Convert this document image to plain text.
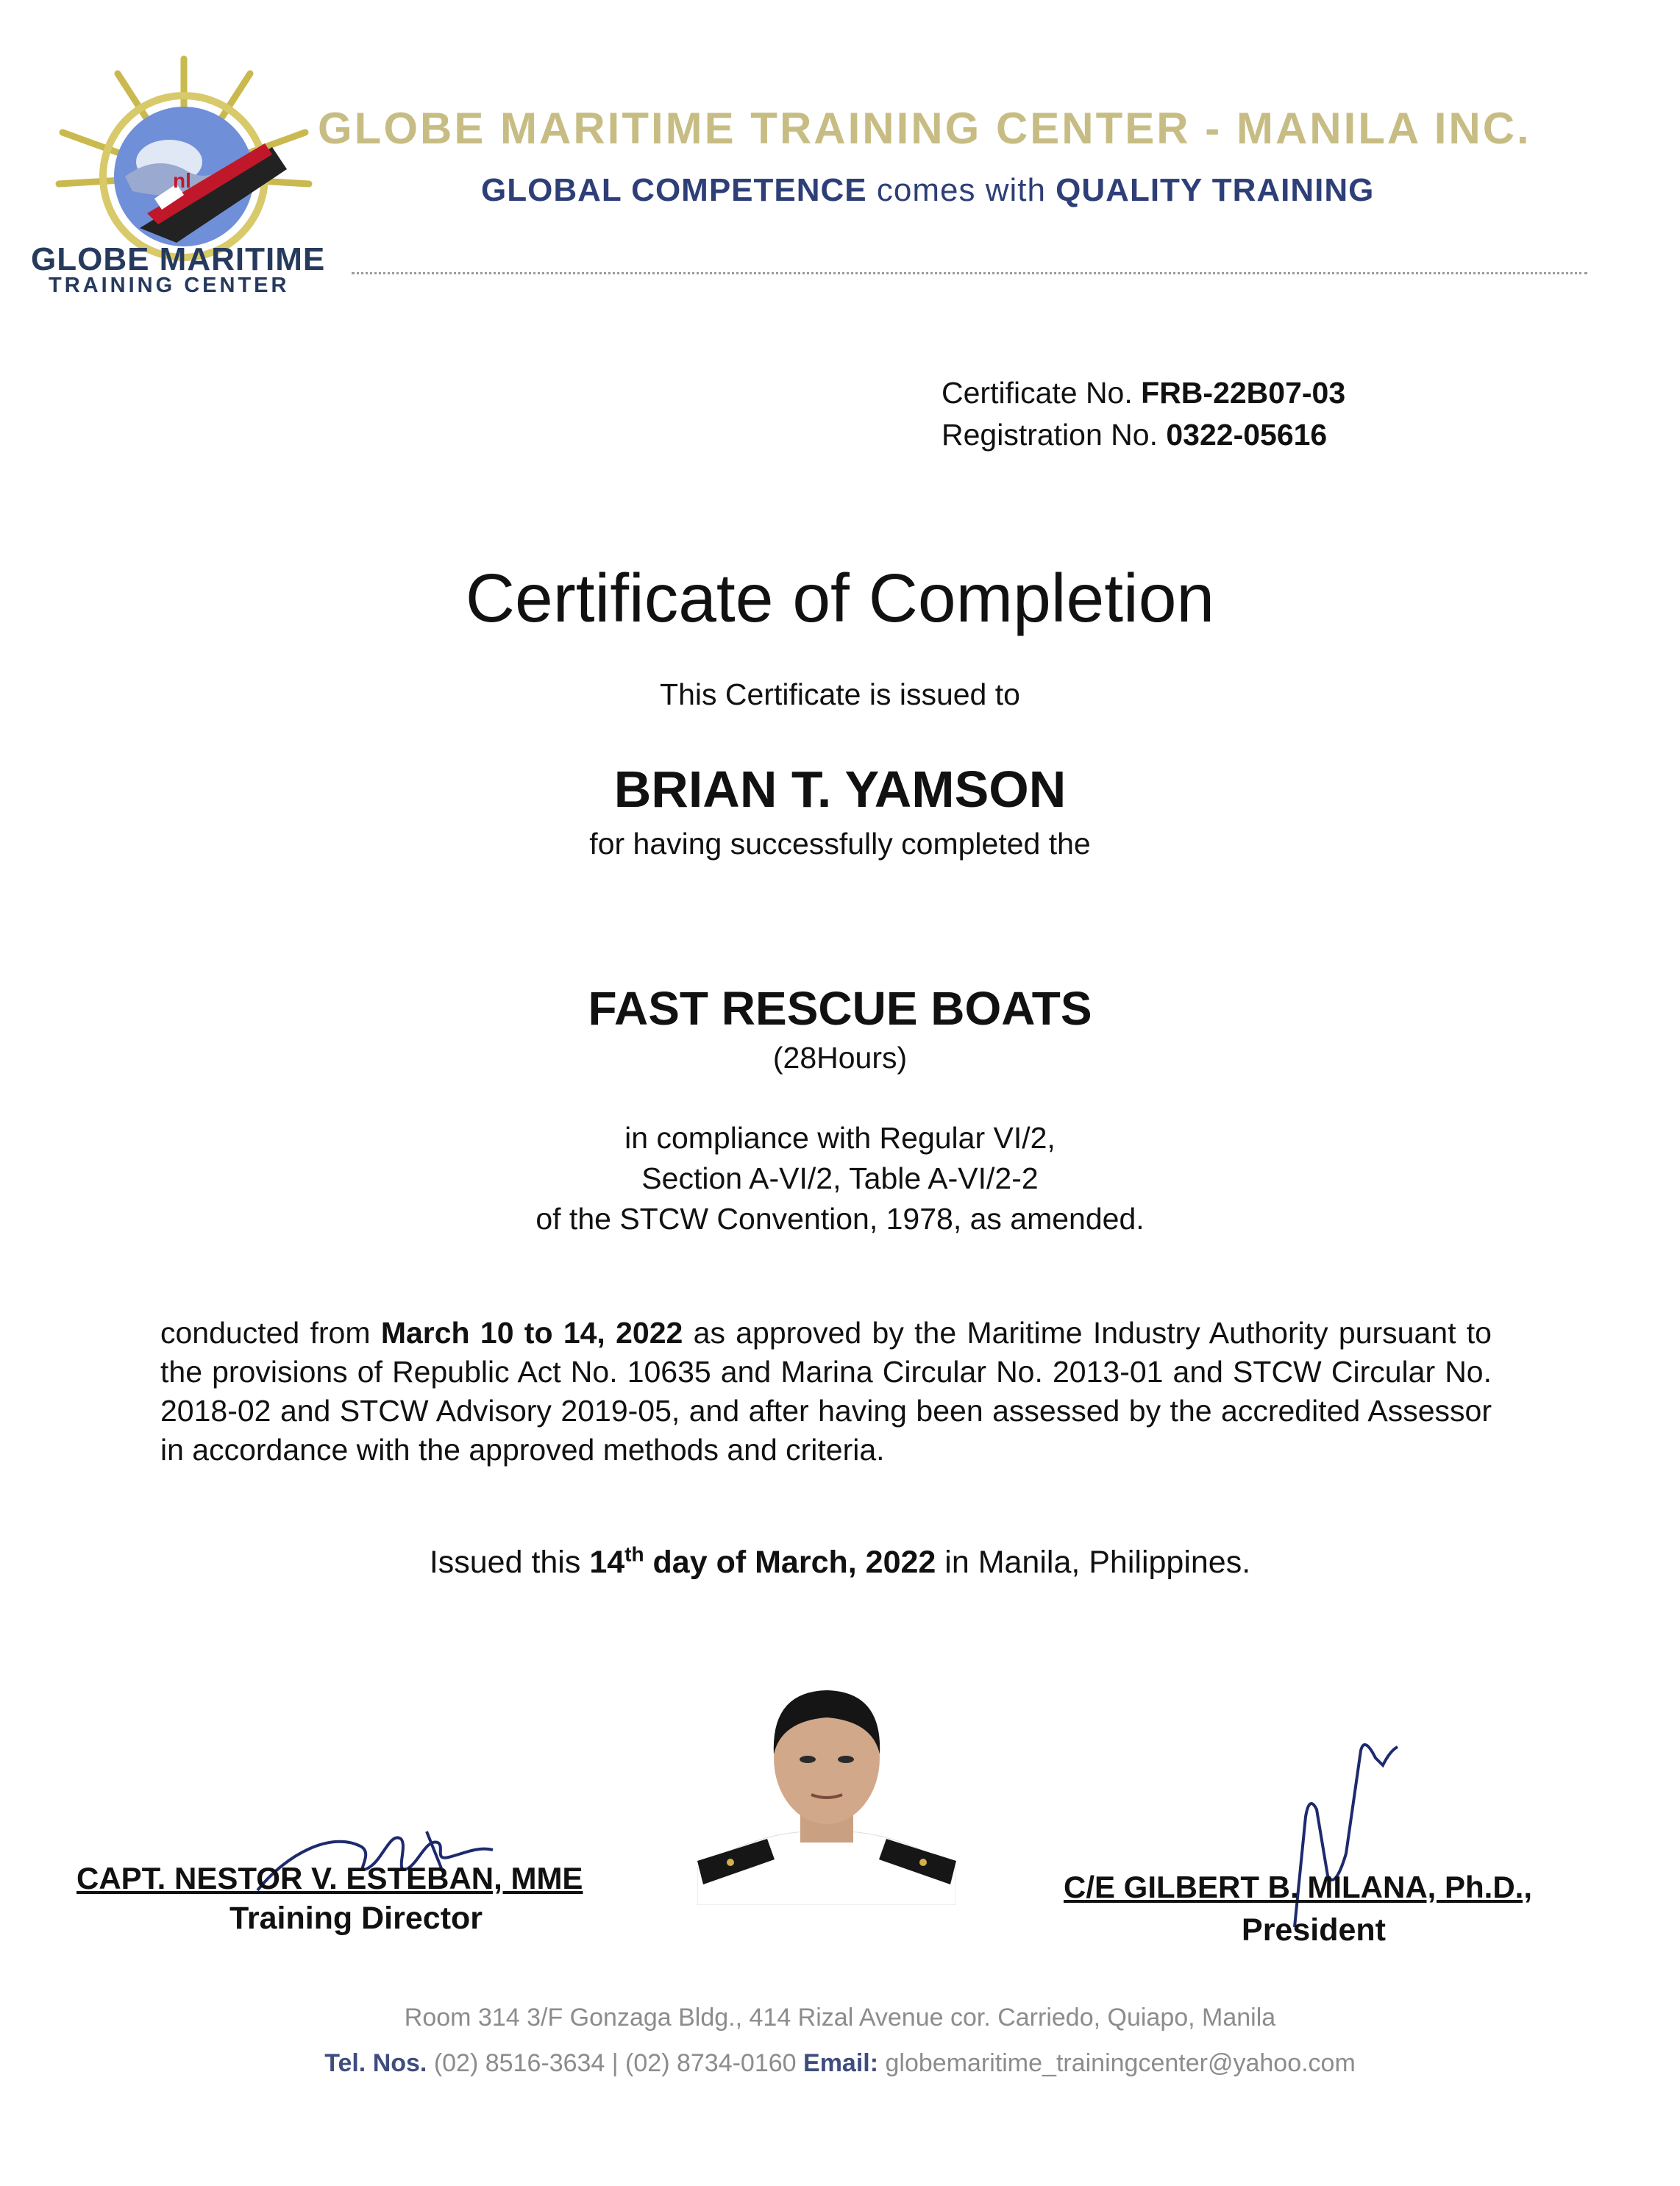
nl
GLOBE MARITIME
TRAINING CENTER
GLOBE MARITIME TRAINING CENTER - MANILA INC.
GLOBAL COMPETENCE comes with QUALITY TRAINING
Certificate No. FRB-22B07-03
Registration No. 0322-05616
Certificate of Completion
This Certificate is issued to
BRIAN T. YAMSON
for having successfully completed the
FAST RESCUE BOATS
(28Hours)
in compliance with Regular VI/2,
Section A-VI/2, Table A-VI/2-2
of the STCW Convention, 1978, as amended.
conducted from March 10 to 14, 2022 as approved by the Maritime Industry Authority pursuant to the provisions of Republic Act No. 10635 and Marina Circular No. 2013-01 and STCW Circular No. 2018-02 and STCW Advisory 2019-05, and after having been assessed by the accredited Assessor in accordance with the approved methods and criteria.
Issued this 14th day of March, 2022 in Manila, Philippines.
CAPT. NESTOR V. ESTEBAN, MME
Training Director
C/E GILBERT B. MILANA, Ph.D.,
President
Room 314 3/F Gonzaga Bldg., 414 Rizal Avenue cor. Carriedo, Quiapo, Manila
Tel. Nos. (02) 8516-3634 | (02) 8734-0160 Email: globemaritime_trainingcenter@yahoo.com
